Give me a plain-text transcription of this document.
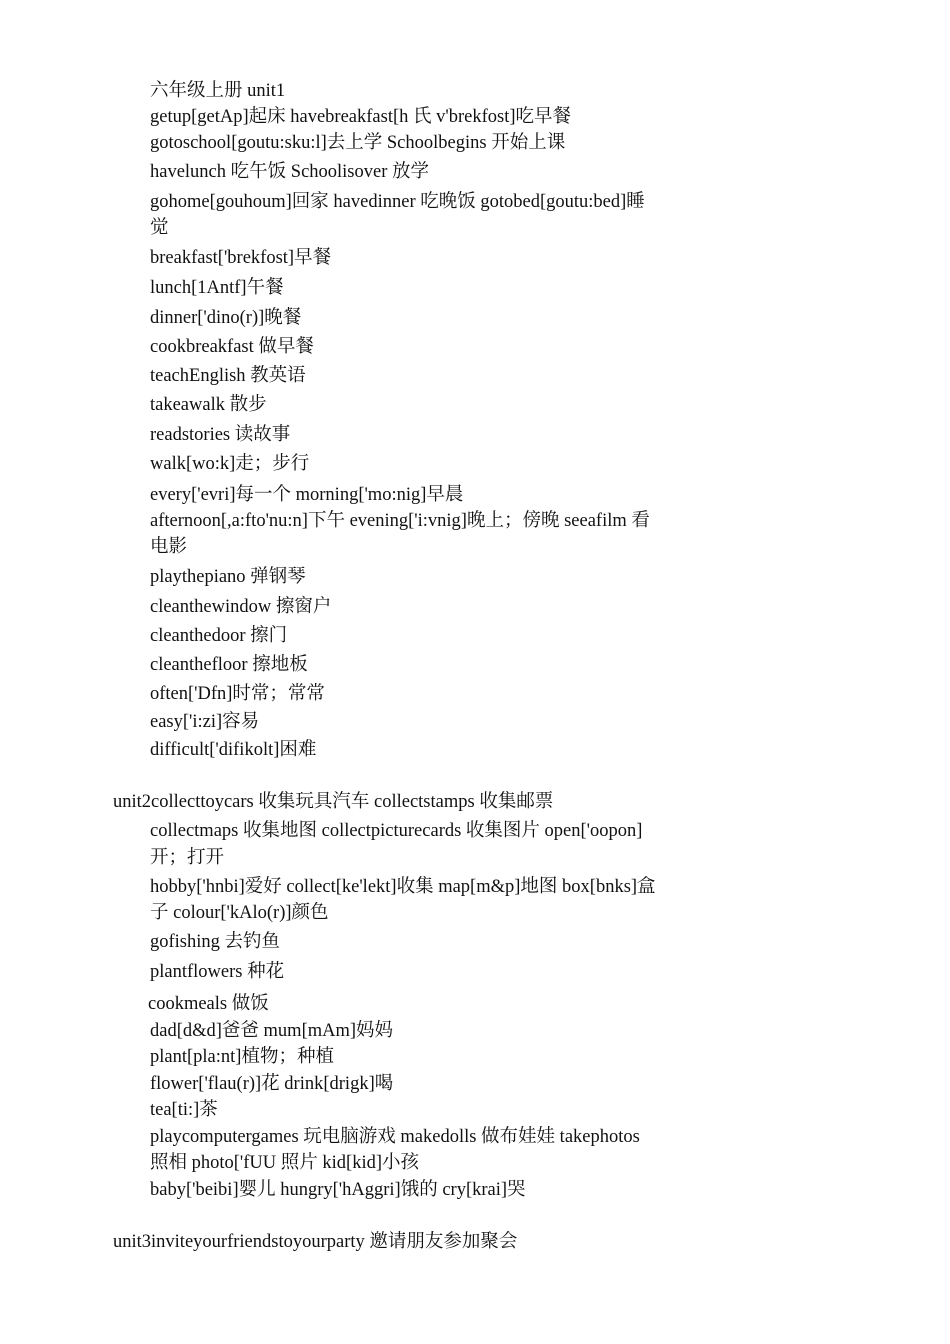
六年级上册 unit1
getup[getAp]起床 havebreakfast[h 氏 v'brekfost]吃早餐
gotoschool[goutu:sku:l]去上学 Schoolbegins 开始上课
havelunch 吃午饭 Schoolisover 放学
gohome[gouhoum]回家 havedinner 吃晚饭 gotobed[goutu:bed]睡
觉
breakfast['brekfost]早餐
lunch[1Antf]午餐
dinner['dino(r)]晚餐
cookbreakfast 做早餐
teachEnglish 教英语
takeawalk 散步
readstories 读故事
walk[wo:k]走；步行
every['evri]每一个 morning['mo:nig]早晨
afternoon[,a:fto'nu:n]下午 evening['i:vnig]晚上；傍晚 seeafilm 看
电影
playthepiano 弹钢琴
cleanthewindow 擦窗户
cleanthedoor 擦门
cleanthefloor 擦地板
often['Dfn]时常；常常
easy['i:zi]容易
difficult['difikolt]困难
unit2collecttoycars 收集玩具汽车 collectstamps 收集邮票
collectmaps 收集地图 collectpicturecards 收集图片 open['oopon]
开；打开
hobby['hnbi]爱好 collect[ke'lekt]收集 map[m&p]地图 box[bnks]盒
子 colour['kAlo(r)]颜色
gofishing 去钓鱼
plantflowers 种花
cookmeals 做饭
dad[d&d]爸爸 mum[mAm]妈妈
plant[pla:nt]植物；种植
flower['flau(r)]花 drink[drigk]喝
tea[ti:]茶
playcomputergames 玩电脑游戏 makedolls 做布娃娃 takephotos
照相 photo['fUU 照片 kid[kid]小孩
baby['beibi]婴儿 hungry['hAggri]饿的 cry[krai]哭
unit3inviteyourfriendstoyourparty 邀请朋友参加聚会
